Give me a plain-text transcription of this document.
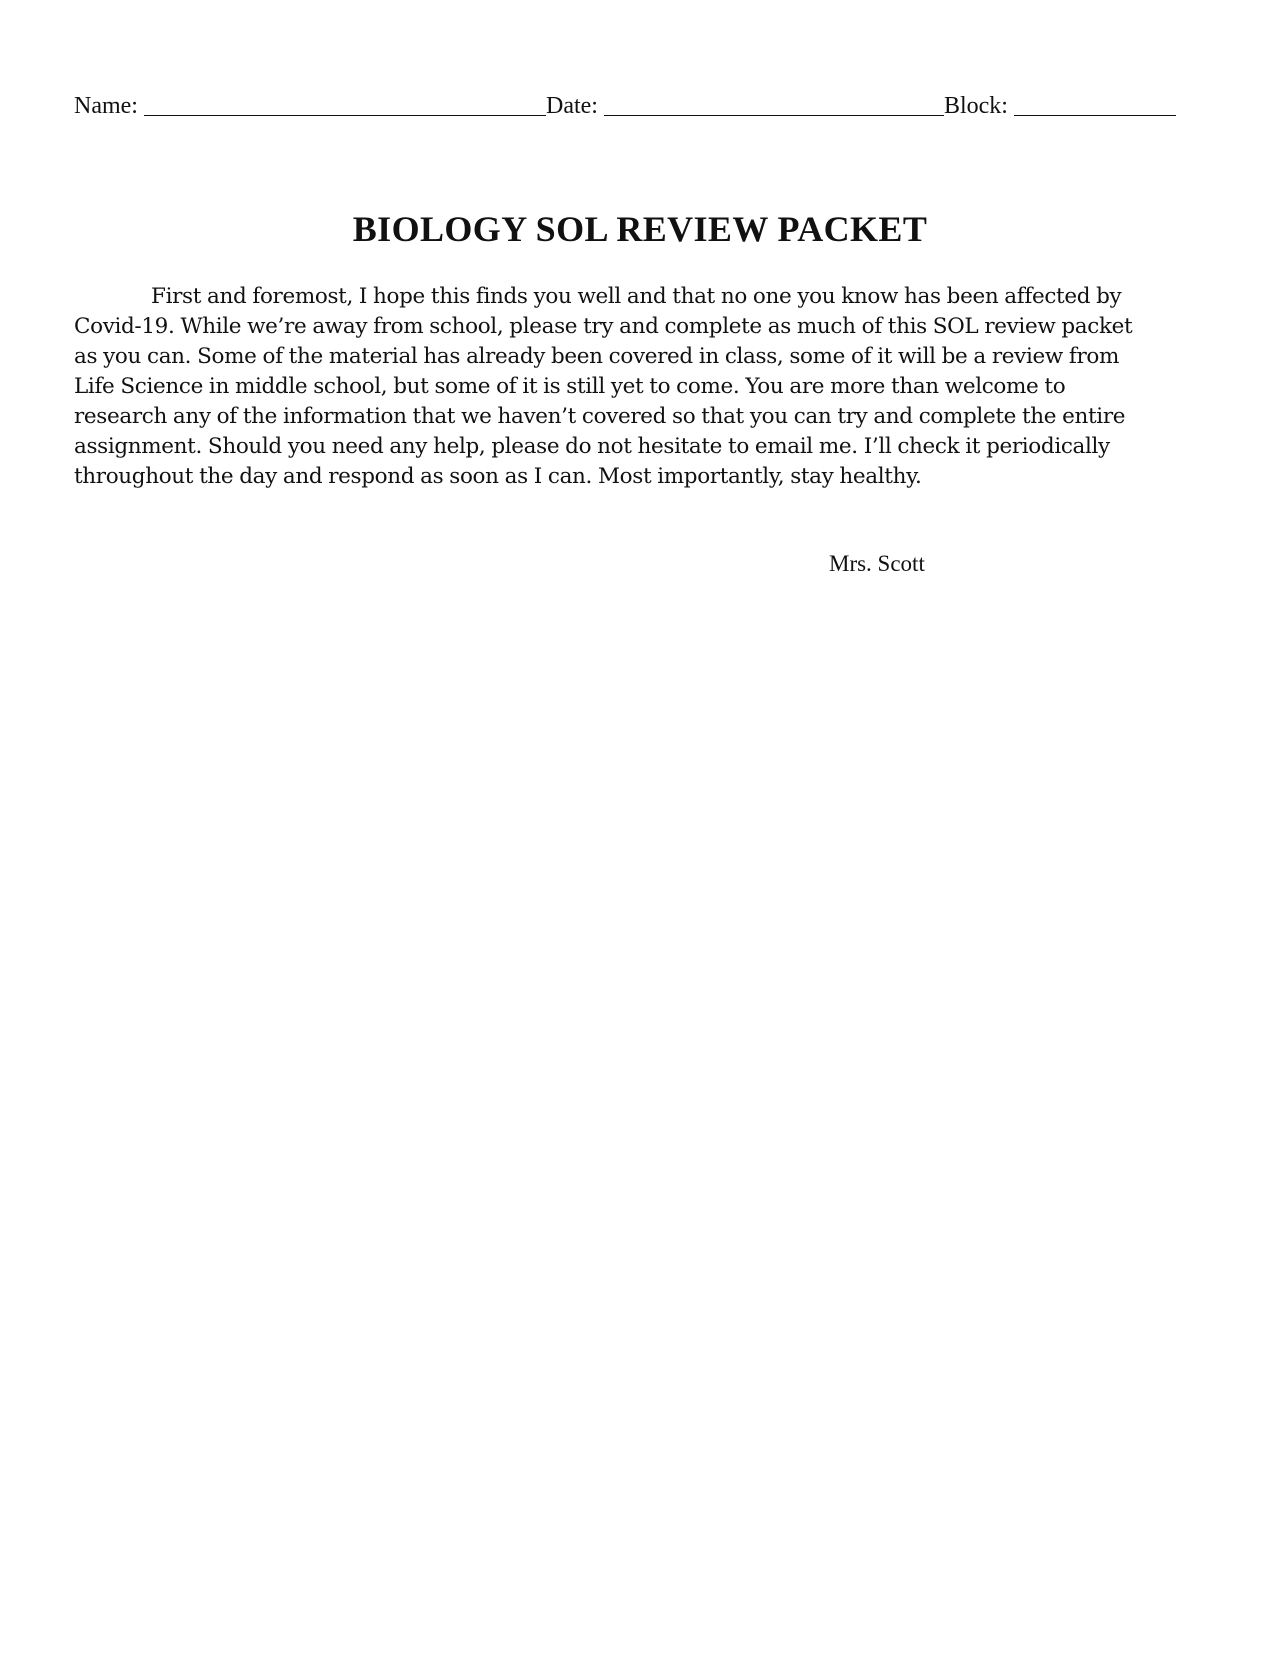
Name:	Date:	Block:
BIOLOGY SOL REVIEW PACKET

First and foremost, I hope this finds you well and that no one you know has been affected by
Covid-19. While we’re away from school, please try and complete as much of this SOL review packet
as you can. Some of the material has already been covered in class, some of it will be a review from
Life Science in middle school, but some of it is still yet to come. You are more than welcome to
research any of the information that we haven’t covered so that you can try and complete the entire
assignment. Should you need any help, please do not hesitate to email me. I’ll check it periodically
throughout the day and respond as soon as I can. Most importantly, stay healthy.

Mrs. Scott
